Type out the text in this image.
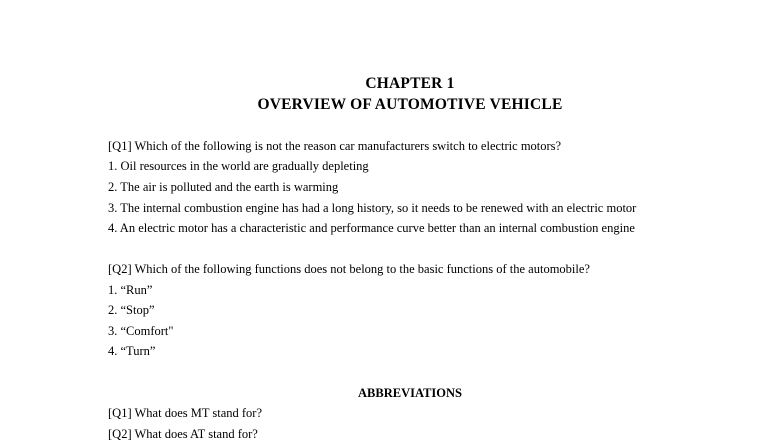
CHAPTER 1
OVERVIEW OF AUTOMOTIVE VEHICLE
[Q1] Which of the following is not the reason car manufacturers switch to electric motors?
1. Oil resources in the world are gradually depleting
2. The air is polluted and the earth is warming
3. The internal combustion engine has had a long history, so it needs to be renewed with an electric motor
4. An electric motor has a characteristic and performance curve better than an internal combustion engine
[Q2] Which of the following functions does not belong to the basic functions of the automobile?
1. “Run”
2. “Stop”
3. “Comfort"
4. “Turn”
ABBREVIATIONS
[Q1] What does MT stand for?
[Q2] What does AT stand for?
